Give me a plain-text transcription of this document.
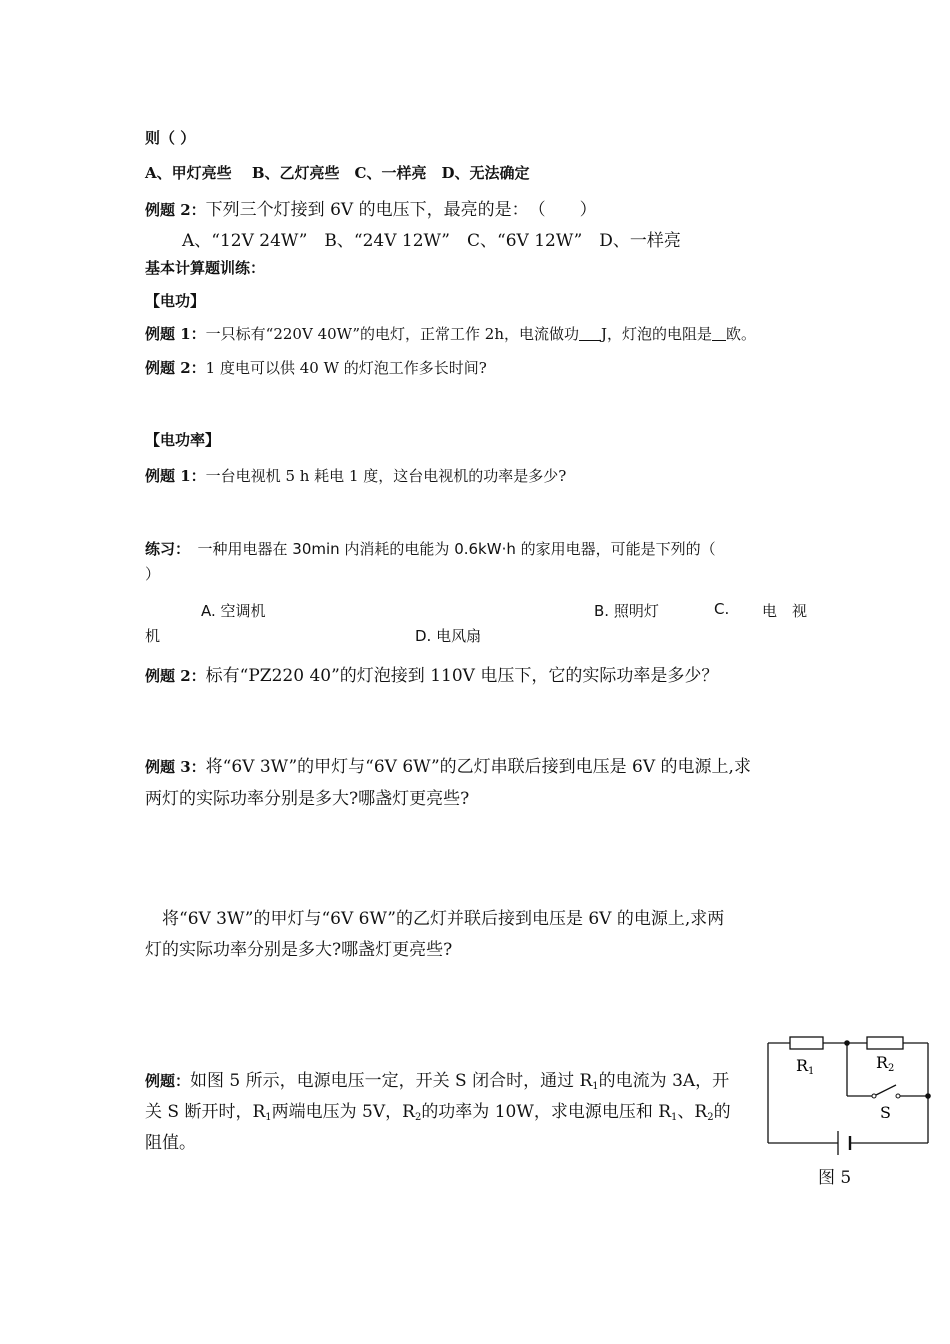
则（ ）
A、甲灯亮些　 B、乙灯亮些　C、一样亮　D、无法确定
例题 2：下列三个灯接到 6V 的电压下，最亮的是：　（　　）
A、“12V 24W”　B、“24V 12W”　C、“6V 12W”　D、一样亮
基本计算题训练：
【电功】
例题 1：一只标有“220V 40W”的电灯，正常工作 2h，电流做功 J，灯泡的电阻是 欧。
例题 2：1 度电可以供 40 W 的灯泡工作多长时间?
【电功率】
例题 1：一台电视机 5 h 耗电 1 度，这台电视机的功率是多少?
练习：　一种用电器在 30min 内消耗的电能为 0.6kW·h 的家用电器，可能是下列的（
）
A. 空调机	B. 照明灯	C. 电　视
机	D. 电风扇
例题 2：标有“PZ220 40”的灯泡接到 110V 电压下，它的实际功率是多少？
例题 3：将“6V 3W”的甲灯与“6V 6W”的乙灯串联后接到电压是 6V 的电源上,求
两灯的实际功率分别是多大?哪盏灯更亮些?
　将“6V 3W”的甲灯与“6V 6W”的乙灯并联后接到电压是 6V 的电源上,求两
灯的实际功率分别是多大?哪盏灯更亮些?
例题：如图 5 所示，电源电压一定，开关 S 闭合时，通过 $R_1$的电流为 3A，开
关 S 断开时，$R_1$两端电压为 5V，$R_2$的功率为 10W，求电源电压和 $R_1$、$R_2$的
阻值。
R1	R2
S
图 5
